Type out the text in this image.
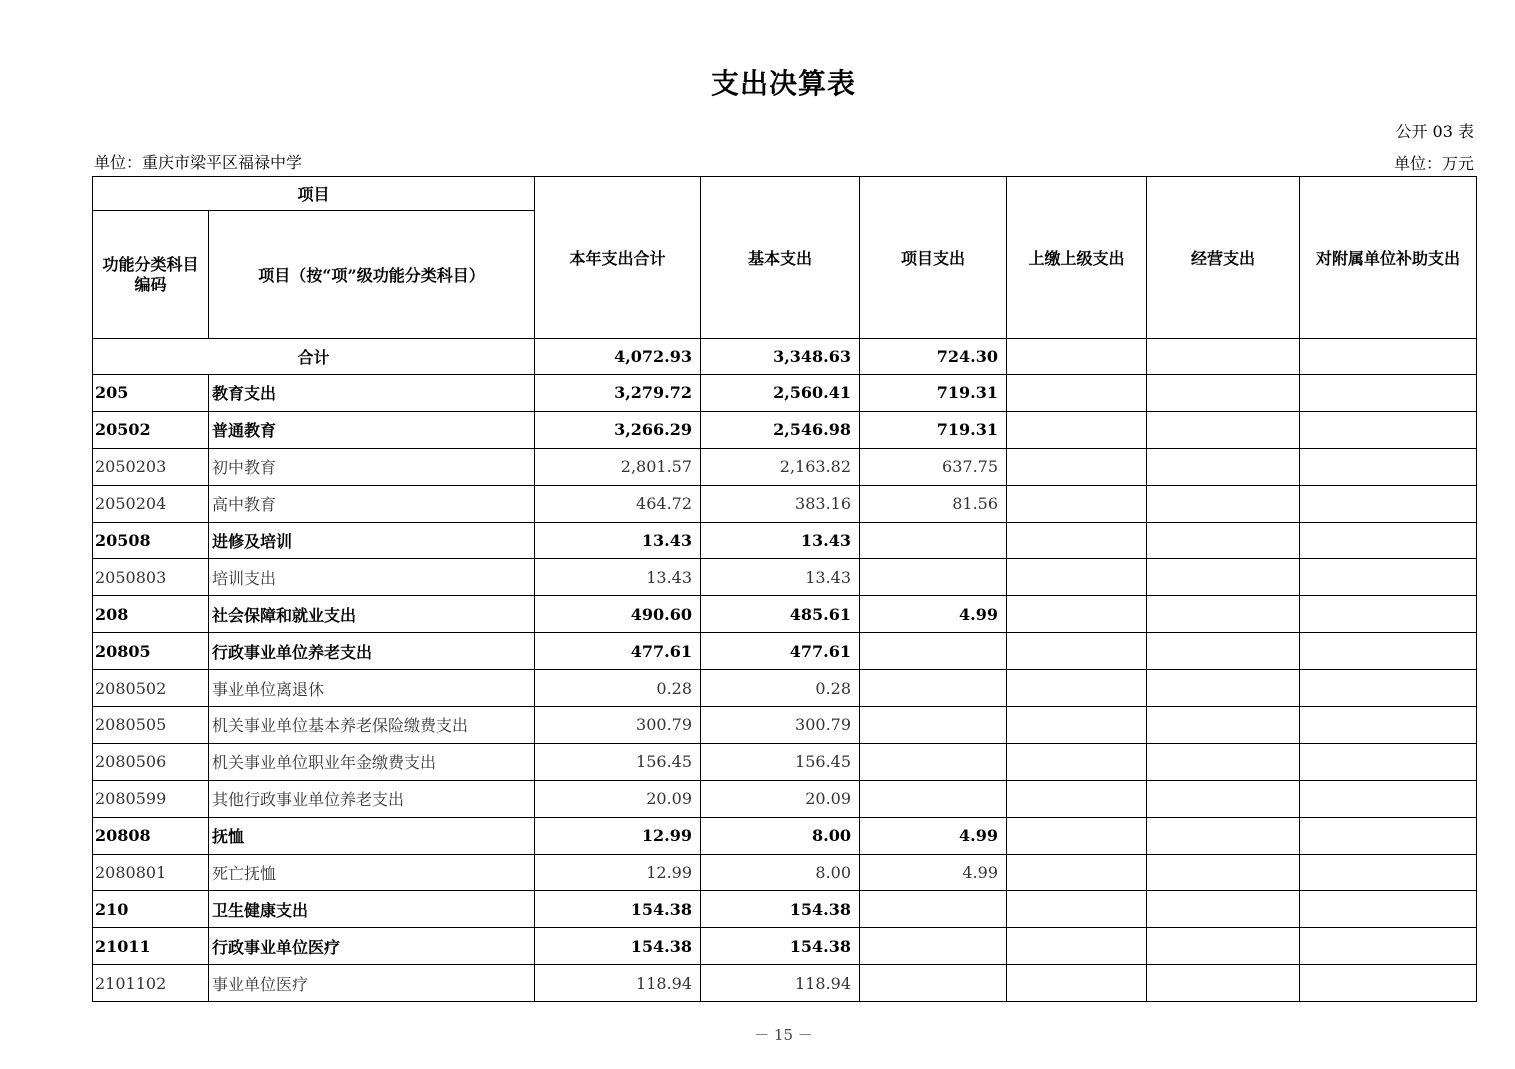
支出决算表
公开 03 表
单位：重庆市梁平区福禄中学	单位：万元
项目		本年支出合计	基本支出	项目支出	上缴上级支出	经营支出	对附属单位补助支出
功能分类科目编码	项目（按“项”级功能分类科目）						
合计		4,072.93	3,348.63	724.30			
205	教育支出	3,279.72	2,560.41	719.31			
20502	普通教育	3,266.29	2,546.98	719.31			
2050203	初中教育	2,801.57	2,163.82	637.75			
2050204	高中教育	464.72	383.16	81.56			
20508	进修及培训	13.43	13.43				
2050803	培训支出	13.43	13.43				
208	社会保障和就业支出	490.60	485.61	4.99			
20805	行政事业单位养老支出	477.61	477.61				
2080502	事业单位离退休	0.28	0.28				
2080505	机关事业单位基本养老保险缴费支出	300.79	300.79				
2080506	机关事业单位职业年金缴费支出	156.45	156.45				
2080599	其他行政事业单位养老支出	20.09	20.09				
20808	抚恤	12.99	8.00	4.99			
2080801	死亡抚恤	12.99	8.00	4.99			
210	卫生健康支出	154.38	154.38				
21011	行政事业单位医疗	154.38	154.38				
2101102	事业单位医疗	118.94	118.94				
－ 15 －
